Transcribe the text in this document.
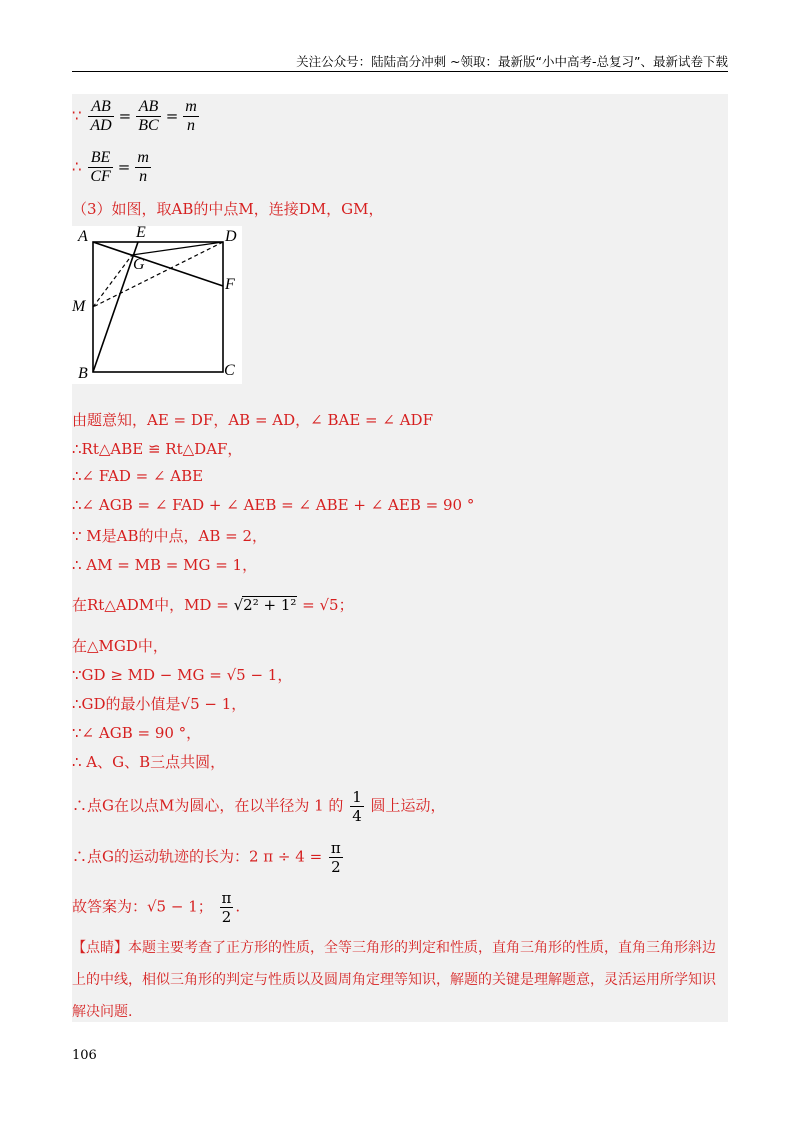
关注公众号：陆陆高分冲刺 ~领取：最新版“小中高考-总复习”、最新试卷下载
∵ $\frac{AB}{AD} = \frac{AB}{BC} = \frac{m}{n}$
∴ $\frac{BE}{CF} = \frac{m}{n}$
（3）如图，取AB的中点M，连接DM，GM，
A	E	D
G
F
M
B	C
由题意知，AE = DF，AB = AD，∠ BAE = ∠ ADF
∴Rt△ABE ≌ Rt△DAF，
∴∠ FAD = ∠ ABE
∴∠ AGB = ∠ FAD + ∠ AEB = ∠ ABE + ∠ AEB = 90 °
∵ M是AB的中点，AB = 2，
∴ AM = MB = MG = 1，
在Rt△ADM中，MD = √2² + 1² = √5；
在△MGD中，
∵GD ≥ MD − MG = √5 − 1，
∴GD的最小值是√5 − 1，
∵∠ AGB = 90 °，
∴ A、G、B三点共圆，
∴点G在以点M为圆心，在以半径为 1 的 $\frac{1}{4}$ 圆上运动，
∴点G的运动轨迹的长为：2 $\pi \div 4 = \frac{\pi}{2}$
故答案为：√5 − 1； $\frac{\pi}{2}$ .
【点睛】本题主要考查了正方形的性质，全等三角形的判定和性质，直角三角形的性质，直角三角形斜边上的中线，相似三角形的判定与性质以及圆周角定理等知识，解题的关键是理解题意，灵活运用所学知识解决问题.
106
